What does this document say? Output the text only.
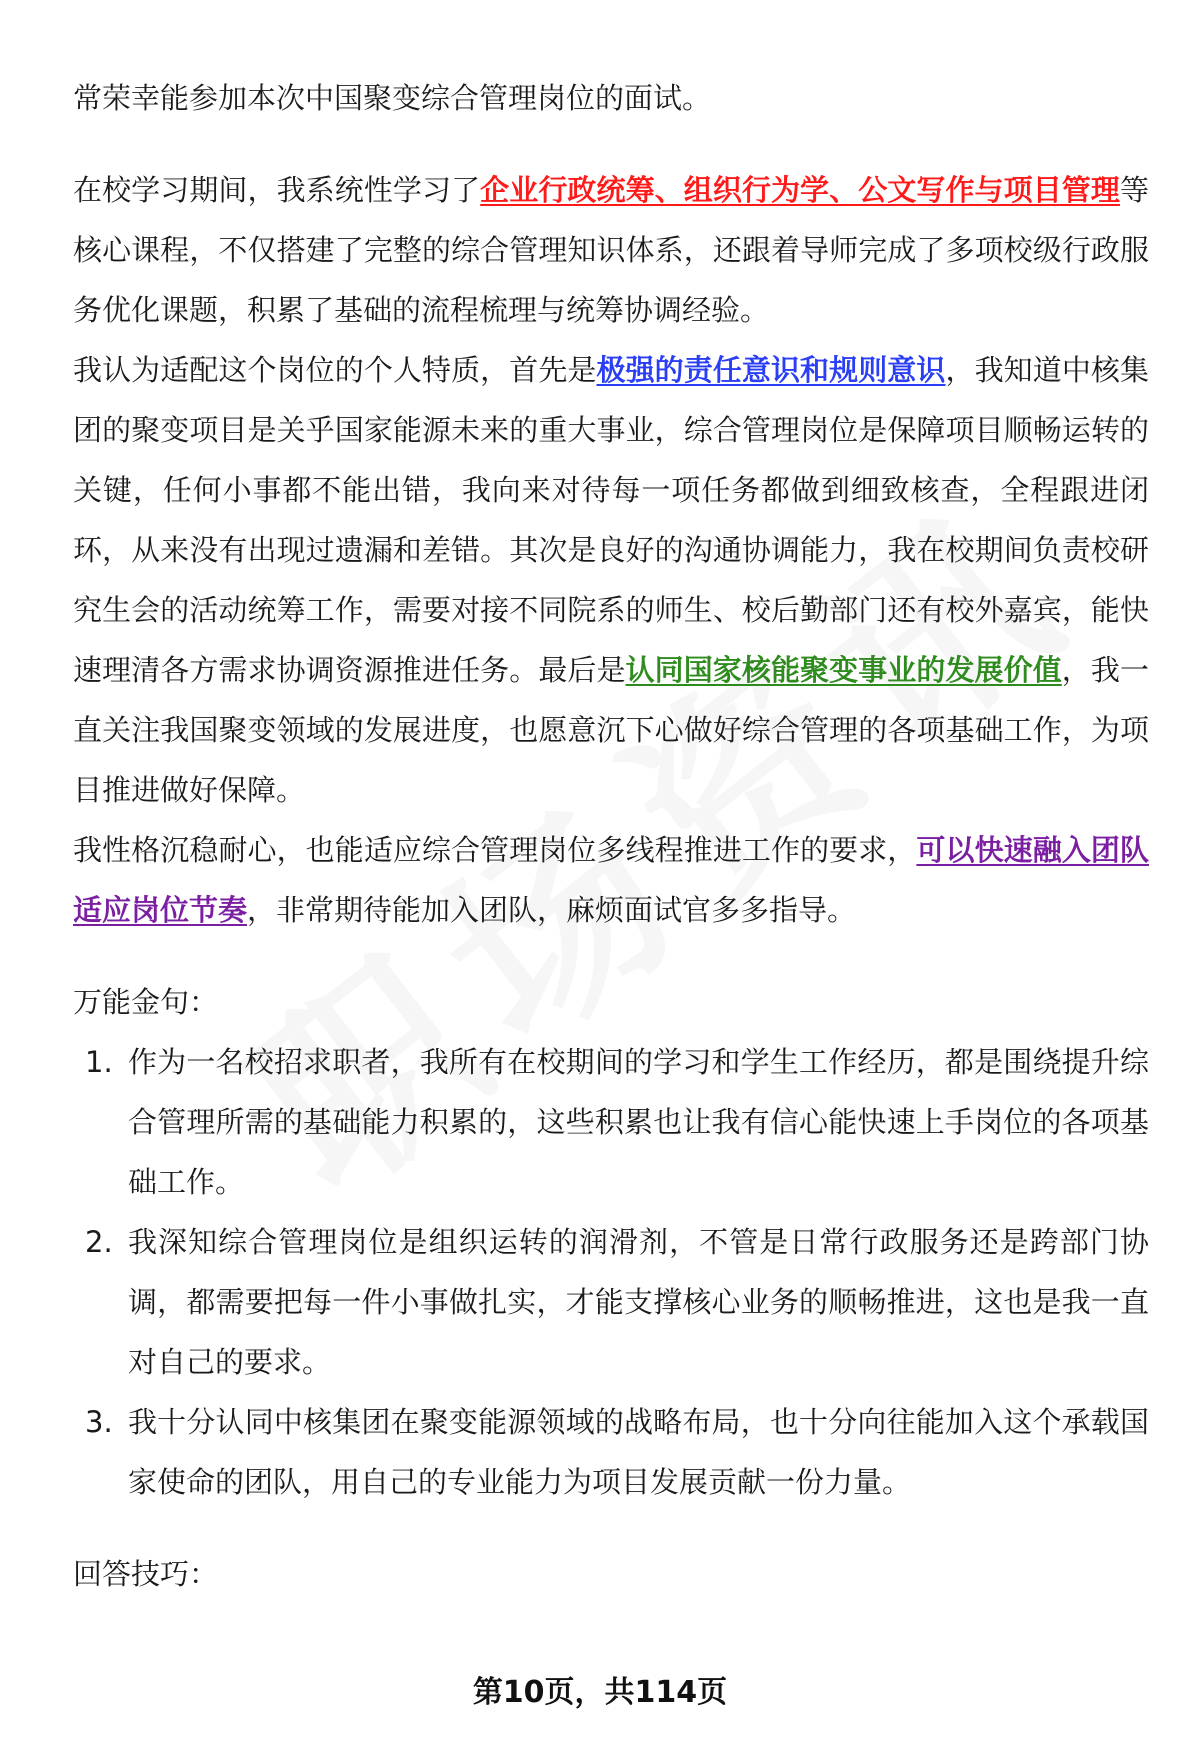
常荣幸能参加本次中国聚变综合管理岗位的面试。

在校学习期间，我系统性学习了企业行政统筹、组织行为学、公文写作与项目管理等核心课程，不仅搭建了完整的综合管理知识体系，还跟着导师完成了多项校级行政服务优化课题，积累了基础的流程梳理与统筹协调经验。

我认为适配这个岗位的个人特质，首先是极强的责任意识和规则意识，我知道中核集团的聚变项目是关乎国家能源未来的重大事业，综合管理岗位是保障项目顺畅运转的关键，任何小事都不能出错，我向来对待每一项任务都做到细致核查，全程跟进闭环，从来没有出现过遗漏和差错。其次是良好的沟通协调能力，我在校期间负责校研究生会的活动统筹工作，需要对接不同院系的师生、校后勤部门还有校外嘉宾，能快速理清各方需求协调资源推进任务。最后是认同国家核能聚变事业的发展价值，我一直关注我国聚变领域的发展进度，也愿意沉下心做好综合管理的各项基础工作，为项目推进做好保障。

我性格沉稳耐心，也能适应综合管理岗位多线程推进工作的要求，可以快速融入团队适应岗位节奏，非常期待能加入团队，麻烦面试官多多指导。

万能金句：

1. 作为一名校招求职者，我所有在校期间的学习和学生工作经历，都是围绕提升综合管理所需的基础能力积累的，这些积累也让我有信心能快速上手岗位的各项基础工作。
2. 我深知综合管理岗位是组织运转的润滑剂，不管是日常行政服务还是跨部门协调，都需要把每一件小事做扎实，才能支撑核心业务的顺畅推进，这也是我一直对自己的要求。
3. 我十分认同中核集团在聚变能源领域的战略布局，也十分向往能加入这个承载国家使命的团队，用自己的专业能力为项目发展贡献一份力量。

回答技巧：

第10页，共114页
